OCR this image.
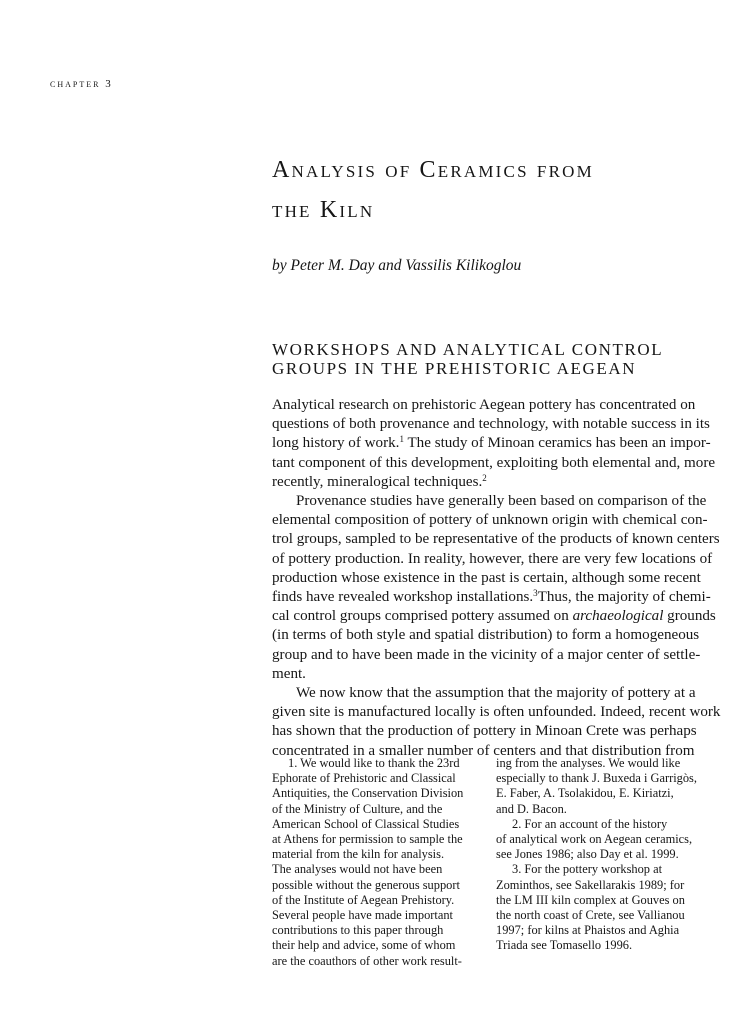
chapter 3
Analysis of Ceramics from
the Kiln
by Peter M. Day and Vassilis Kilikoglou
WORKSHOPS AND ANALYTICAL CONTROL
GROUPS IN THE PREHISTORIC AEGEAN
Analytical research on prehistoric Aegean pottery has concentrated on
questions of both provenance and technology, with notable success in its
long history of work.$^1$ The study of Minoan ceramics has been an impor-
tant component of this development, exploiting both elemental and, more
recently, mineralogical techniques.$^2$
Provenance studies have generally been based on comparison of the
elemental composition of pottery of unknown origin with chemical con-
trol groups, sampled to be representative of the products of known centers
of pottery production. In reality, however, there are very few locations of
production whose existence in the past is certain, although some recent
finds have revealed workshop installations.$^3$Thus, the majority of chemi-
cal control groups comprised pottery assumed on archaeological grounds
(in terms of both style and spatial distribution) to form a homogeneous
group and to have been made in the vicinity of a major center of settle-
ment.
We now know that the assumption that the majority of pottery at a
given site is manufactured locally is often unfounded. Indeed, recent work
has shown that the production of pottery in Minoan Crete was perhaps
concentrated in a smaller number of centers and that distribution from
1. We would like to thank the 23rd
Ephorate of Prehistoric and Classical
Antiquities, the Conservation Division
of the Ministry of Culture, and the
American School of Classical Studies
at Athens for permission to sample the
material from the kiln for analysis.
The analyses would not have been
possible without the generous support
of the Institute of Aegean Prehistory.
Several people have made important
contributions to this paper through
their help and advice, some of whom
are the coauthors of other work result-
ing from the analyses. We would like
especially to thank J. Buxeda i Garrigòs,
E. Faber, A. Tsolakidou, E. Kiriatzi,
and D. Bacon.
2. For an account of the history
of analytical work on Aegean ceramics,
see Jones 1986; also Day et al. 1999.
3. For the pottery workshop at
Zominthos, see Sakellarakis 1989; for
the LM III kiln complex at Gouves on
the north coast of Crete, see Vallianou
1997; for kilns at Phaistos and Aghia
Triada see Tomasello 1996.
